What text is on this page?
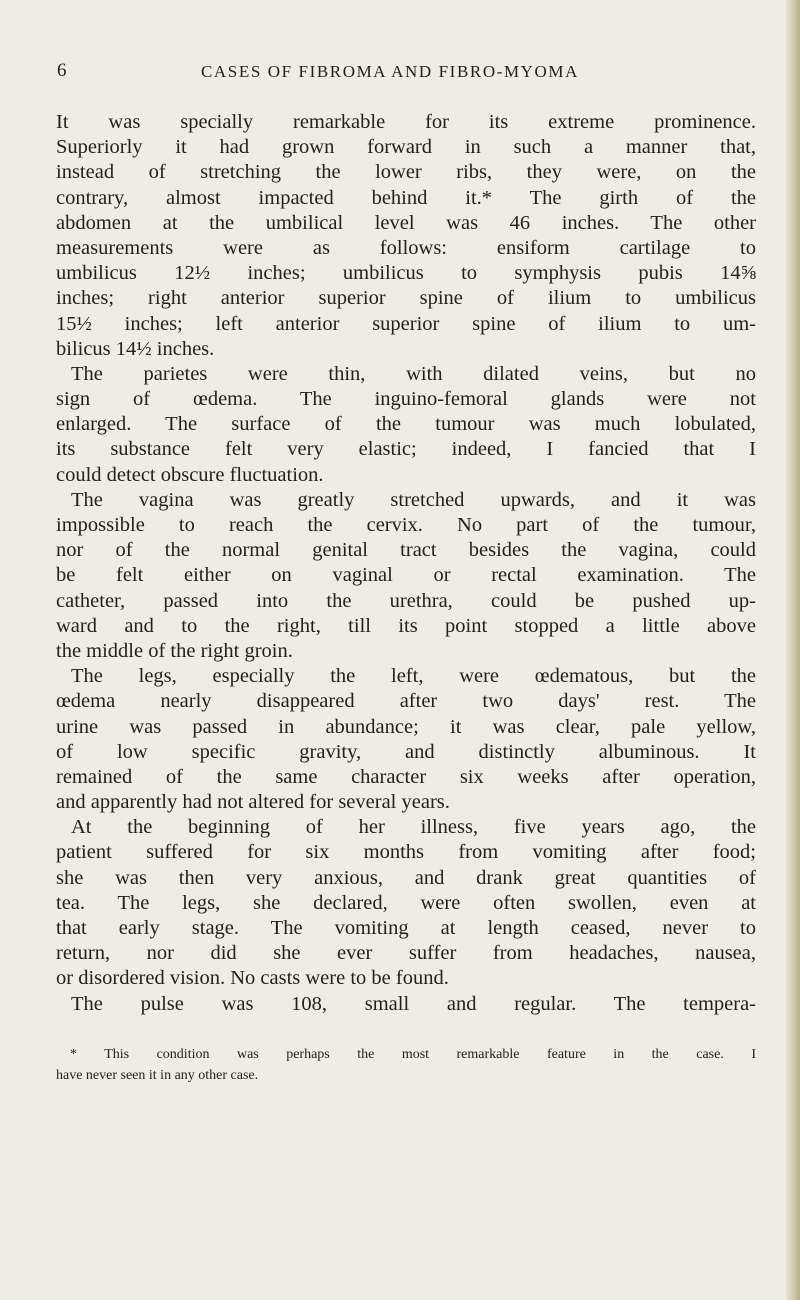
6	CASES OF FIBROMA AND FIBRO-MYOMA
It was specially remarkable for its extreme prominence.
Superiorly it had grown forward in such a manner that,
instead of stretching the lower ribs, they were, on the
contrary, almost impacted behind it.* The girth of the
abdomen at the umbilical level was 46 inches. The other
measurements were as follows: ensiform cartilage to
umbilicus 12½ inches; umbilicus to symphysis pubis 14⅝
inches; right anterior superior spine of ilium to umbilicus
15½ inches; left anterior superior spine of ilium to um-
bilicus 14½ inches.
The parietes were thin, with dilated veins, but no
sign of œdema. The inguino-femoral glands were not
enlarged. The surface of the tumour was much lobulated,
its substance felt very elastic; indeed, I fancied that I
could detect obscure fluctuation.
The vagina was greatly stretched upwards, and it was
impossible to reach the cervix. No part of the tumour,
nor of the normal genital tract besides the vagina, could
be felt either on vaginal or rectal examination. The
catheter, passed into the urethra, could be pushed up-
ward and to the right, till its point stopped a little above
the middle of the right groin.
The legs, especially the left, were œdematous, but the
œdema nearly disappeared after two days' rest. The
urine was passed in abundance; it was clear, pale yellow,
of low specific gravity, and distinctly albuminous. It
remained of the same character six weeks after operation,
and apparently had not altered for several years.
At the beginning of her illness, five years ago, the
patient suffered for six months from vomiting after food;
she was then very anxious, and drank great quantities of
tea. The legs, she declared, were often swollen, even at
that early stage. The vomiting at length ceased, never to
return, nor did she ever suffer from headaches, nausea,
or disordered vision. No casts were to be found.
The pulse was 108, small and regular. The tempera-
* This condition was perhaps the most remarkable feature in the case. I
have never seen it in any other case.
